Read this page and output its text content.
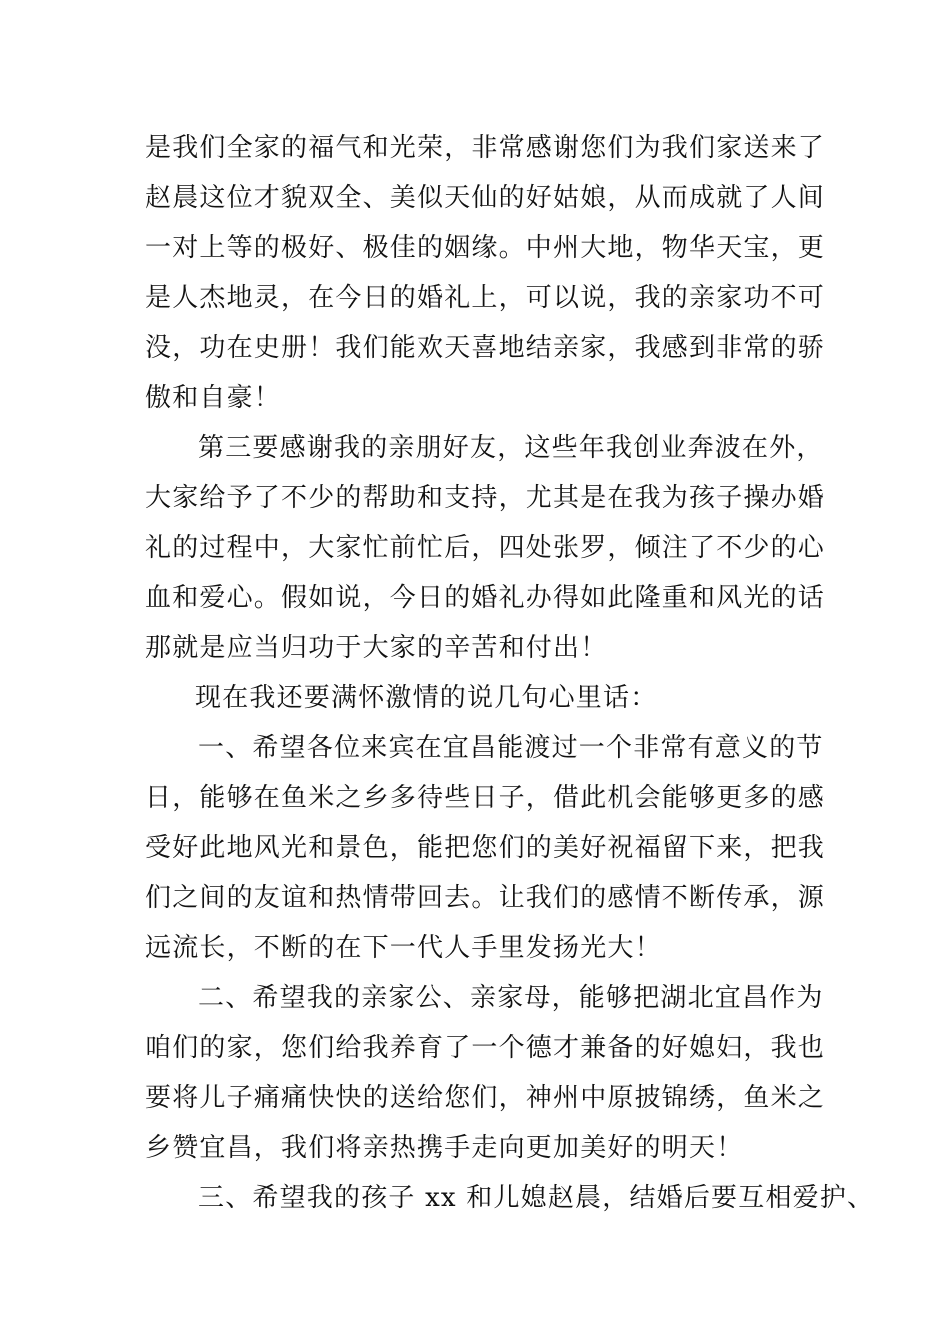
是我们全家的福气和光荣，非常感谢您们为我们家送来了
赵晨这位才貌双全、美似天仙的好姑娘，从而成就了人间
一对上等的极好、极佳的姻缘。中州大地，物华天宝，更
是人杰地灵，在今日的婚礼上，可以说，我的亲家功不可
没，功在史册！我们能欢天喜地结亲家，我感到非常的骄
傲和自豪！
第三要感谢我的亲朋好友，这些年我创业奔波在外，
大家给予了不少的帮助和支持，尤其是在我为孩子操办婚
礼的过程中，大家忙前忙后，四处张罗，倾注了不少的心
血和爱心。假如说，今日的婚礼办得如此隆重和风光的话
那就是应当归功于大家的辛苦和付出！
现在我还要满怀激情的说几句心里话：
一、希望各位来宾在宜昌能渡过一个非常有意义的节
日，能够在鱼米之乡多待些日子，借此机会能够更多的感
受好此地风光和景色，能把您们的美好祝福留下来，把我
们之间的友谊和热情带回去。让我们的感情不断传承，源
远流长，不断的在下一代人手里发扬光大！
二、希望我的亲家公、亲家母，能够把湖北宜昌作为
咱们的家，您们给我养育了一个德才兼备的好媳妇，我也
要将儿子痛痛快快的送给您们，神州中原披锦绣，鱼米之
乡赞宜昌，我们将亲热携手走向更加美好的明天！
三、希望我的孩子 xx 和儿媳赵晨，结婚后要互相爱护、
